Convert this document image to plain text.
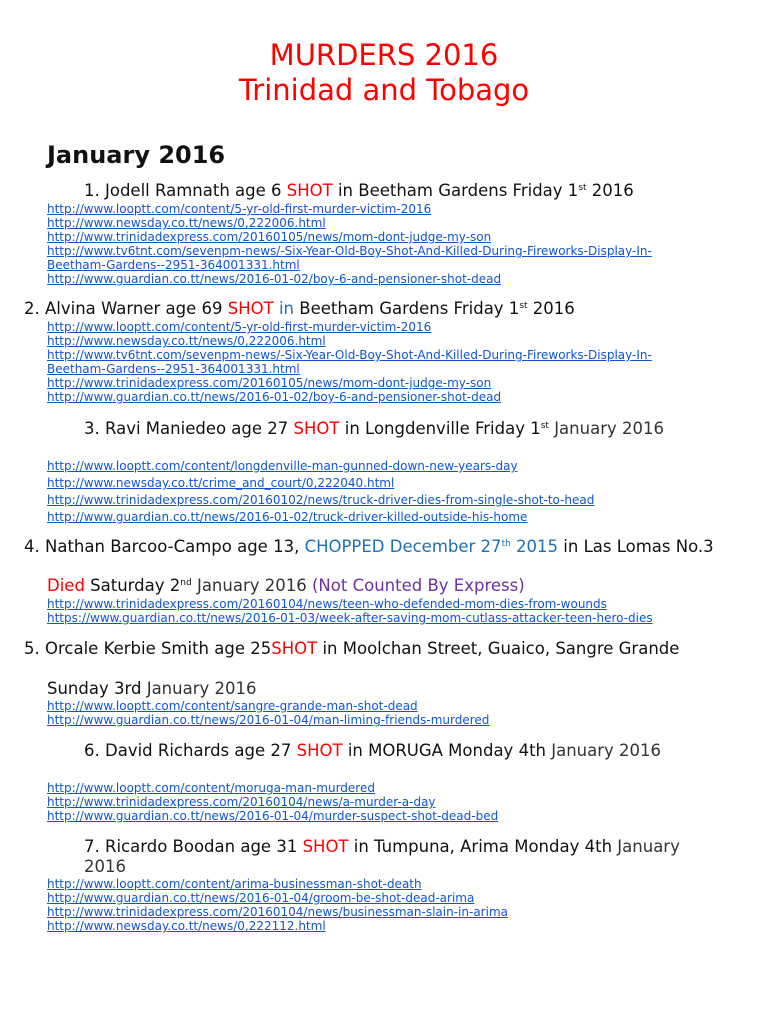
MURDERS 2016
Trinidad and Tobago
January 2016
1. Jodell Ramnath age 6 SHOT in Beetham Gardens Friday 1st 2016
http://www.looptt.com/content/5-yr-old-first-murder-victim-2016
http://www.newsday.co.tt/news/0,222006.html
http://www.trinidadexpress.com/20160105/news/mom-dont-judge-my-son
http://www.tv6tnt.com/sevenpm-news/-Six-Year-Old-Boy-Shot-And-Killed-During-Fireworks-Display-In-Beetham-Gardens--2951-364001331.html
http://www.guardian.co.tt/news/2016-01-02/boy-6-and-pensioner-shot-dead
2. Alvina Warner age 69 SHOT in Beetham Gardens Friday 1st 2016
http://www.looptt.com/content/5-yr-old-first-murder-victim-2016
http://www.newsday.co.tt/news/0,222006.html
http://www.tv6tnt.com/sevenpm-news/-Six-Year-Old-Boy-Shot-And-Killed-During-Fireworks-Display-In-Beetham-Gardens--2951-364001331.html
http://www.trinidadexpress.com/20160105/news/mom-dont-judge-my-son
http://www.guardian.co.tt/news/2016-01-02/boy-6-and-pensioner-shot-dead
3. Ravi Maniedeo age 27 SHOT in Longdenville Friday 1st January 2016
http://www.looptt.com/content/longdenville-man-gunned-down-new-years-day
http://www.newsday.co.tt/crime_and_court/0,222040.html
http://www.trinidadexpress.com/20160102/news/truck-driver-dies-from-single-shot-to-head
http://www.guardian.co.tt/news/2016-01-02/truck-driver-killed-outside-his-home
4. Nathan Barcoo-Campo age 13, CHOPPED December 27th 2015 in Las Lomas No.3
Died Saturday 2nd January 2016 (Not Counted By Express)
http://www.trinidadexpress.com/20160104/news/teen-who-defended-mom-dies-from-wounds
https://www.guardian.co.tt/news/2016-01-03/week-after-saving-mom-cutlass-attacker-teen-hero-dies
5. Orcale Kerbie Smith age 25SHOT in Moolchan Street, Guaico, Sangre Grande
Sunday 3rd January 2016
http://www.looptt.com/content/sangre-grande-man-shot-dead
http://www.guardian.co.tt/news/2016-01-04/man-liming-friends-murdered
6. David Richards age 27 SHOT in MORUGA Monday 4th January 2016
http://www.looptt.com/content/moruga-man-murdered
http://www.trinidadexpress.com/20160104/news/a-murder-a-day
http://www.guardian.co.tt/news/2016-01-04/murder-suspect-shot-dead-bed
7. Ricardo Boodan age 31 SHOT in Tumpuna, Arima Monday 4th January 2016
http://www.looptt.com/content/arima-businessman-shot-death
http://www.guardian.co.tt/news/2016-01-04/groom-be-shot-dead-arima
http://www.trinidadexpress.com/20160104/news/businessman-slain-in-arima
http://www.newsday.co.tt/news/0,222112.html
